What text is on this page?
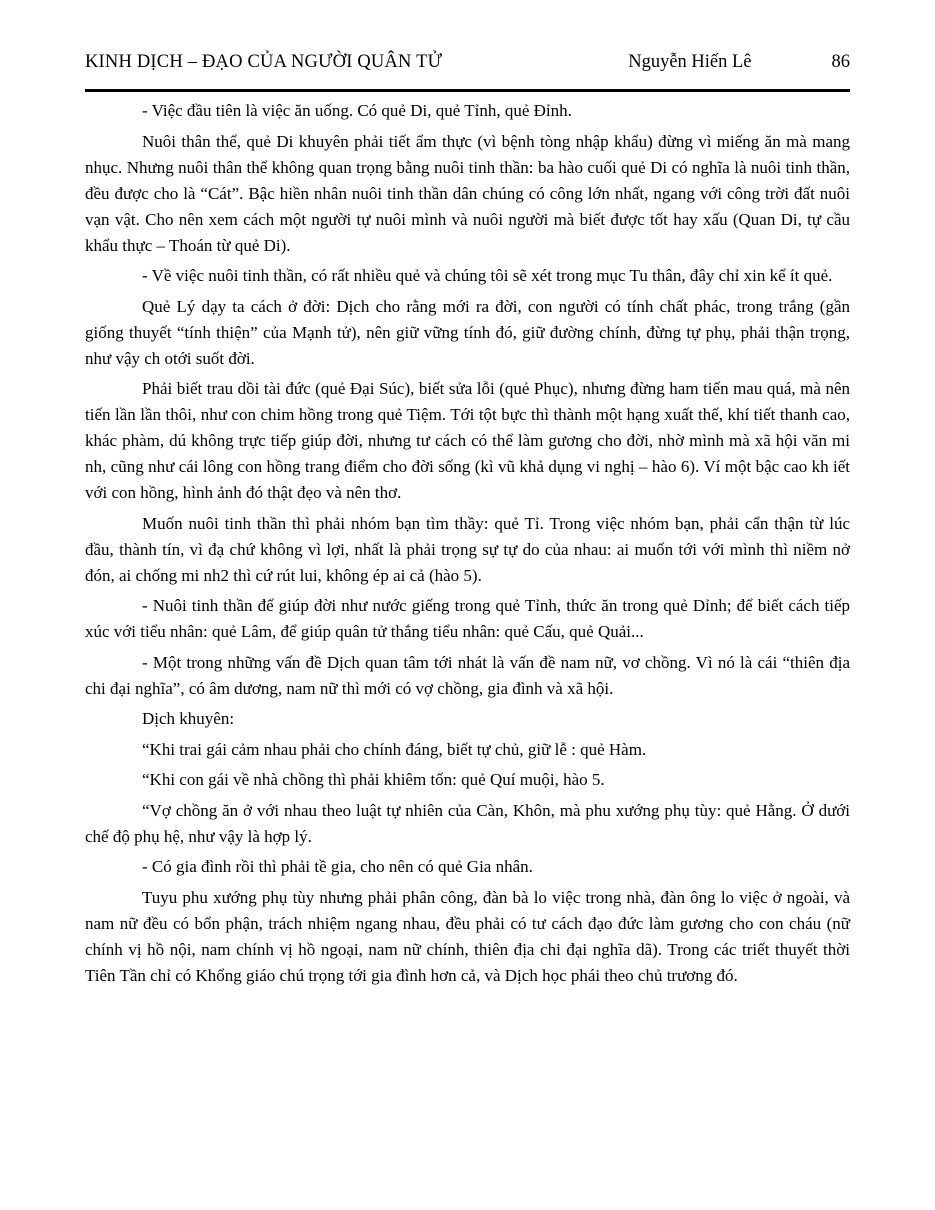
KINH DỊCH – ĐẠO CỦA NGƯỜI QUÂN TỬ	Nguyễn Hiến Lê	86

- Việc đầu tiên là việc ăn uống. Có quẻ Di, quẻ Tỉnh, quẻ Đỉnh.

Nuôi thân thể, quẻ Di khuyên phải tiết ẩm thực (vì bệnh tòng nhập khẩu) đừng vì miếng ăn mà mang nhục. Nhưng nuôi thân thể không quan trọng bằng nuôi tinh thần: ba hào cuối quẻ Di có nghĩa là nuôi tinh thần, đều được cho là “Cát”. Bậc hiền nhân nuôi tinh thần dân chúng có công lớn nhất, ngang với công trời đất nuôi vạn vật. Cho nên xem cách một người tự nuôi mình và nuôi người mà biết được tốt hay xấu (Quan Di, tự cầu khẩu thực – Thoán từ quẻ Di).

- Về việc nuôi tinh thần, có rất nhiều quẻ và chúng tôi sẽ xét trong mục Tu thân, đây chỉ xin kể ít quẻ.

Quẻ Lý dạy ta cách ở đời: Dịch cho rằng mới ra đời, con người có tính chất phác, trong trắng (gần giống thuyết “tính thiện” của Mạnh tử), nên giữ vững tính đó, giữ đường chính, đừng tự phụ, phải thận trọng, như vậy ch otới suốt đời.

Phải biết trau dồi tài đức (quẻ Đại Súc), biết sửa lỗi (quẻ Phục), nhưng đừng ham tiến mau quá, mà nên tiến lần lần thôi, như con chim hồng trong quẻ Tiệm. Tới tột bực thì thành một hạng xuất thế, khí tiết thanh cao, khác phàm, dú không trực tiếp giúp đời, nhưng tư cách có thể làm gương cho đời, nhờ mình mà xã hội văn mi nh, cũng như cái lông con hồng trang điểm cho đời sống (kì vũ khả dụng vi nghị – hào 6). Ví một bậc cao kh iết với con hồng, hình ảnh đó thật đẹo và nên thơ.

Muốn nuôi tinh thần thì phải nhóm bạn tìm thầy: quẻ Tỉ. Trong việc nhóm bạn, phải cẩn thận từ lúc đầu, thành tín, vì đạ chứ không vì lợi, nhất là phải trọng sự tự do của nhau: ai muốn tới với mình thì niềm nở đón, ai chống mi nh2 thì cứ rút lui, không ép ai cả (hào 5).

- Nuôi tinh thần để giúp đời như nước giếng trong quẻ Tỉnh, thức ăn trong quẻ Dỉnh; để biết cách tiếp xúc với tiểu nhân: quẻ Lâm, để giúp quân tử thắng tiểu nhân: quẻ Cấu, quẻ Quải...

- Một trong những vấn đề Dịch quan tâm tới nhát là vấn đề nam nữ, vơ chồng. Vì nó là cái “thiên địa chi đại nghĩa”, có âm dương, nam nữ thì mới có vợ chồng, gia đình và xã hội.

Dịch khuyên:

“Khi trai gái cảm nhau phải cho chính đáng, biết tự chủ, giữ lễ : quẻ Hàm.

“Khi con gái về nhà chồng thì phải khiêm tốn: quẻ Quí muội, hào 5.

“Vợ chồng ăn ở với nhau theo luật tự nhiên của Càn, Khôn, mà phu xướng phụ tùy: quẻ Hằng. Ở dưới chế độ phụ hệ, như vậy là hợp lý.

- Có gia đình rồi thì phải tề gia, cho nên có quẻ Gia nhân.

Tuyu phu xướng phụ tùy nhưng phải phân công, đàn bà lo việc trong nhà, đàn ông lo việc ở ngoài, và nam nữ đều có bổn phận, trách nhiệm ngang nhau, đều phải có tư cách đạo đức làm gương cho con cháu (nữ chính vị hồ nội, nam chính vị hồ ngoại, nam nữ chính, thiên địa chi đại nghĩa dã). Trong các triết thuyết thời Tiên Tần chỉ có Khổng giáo chú trọng tới gia đình hơn cả, và Dịch học phái theo chủ trương đó.
